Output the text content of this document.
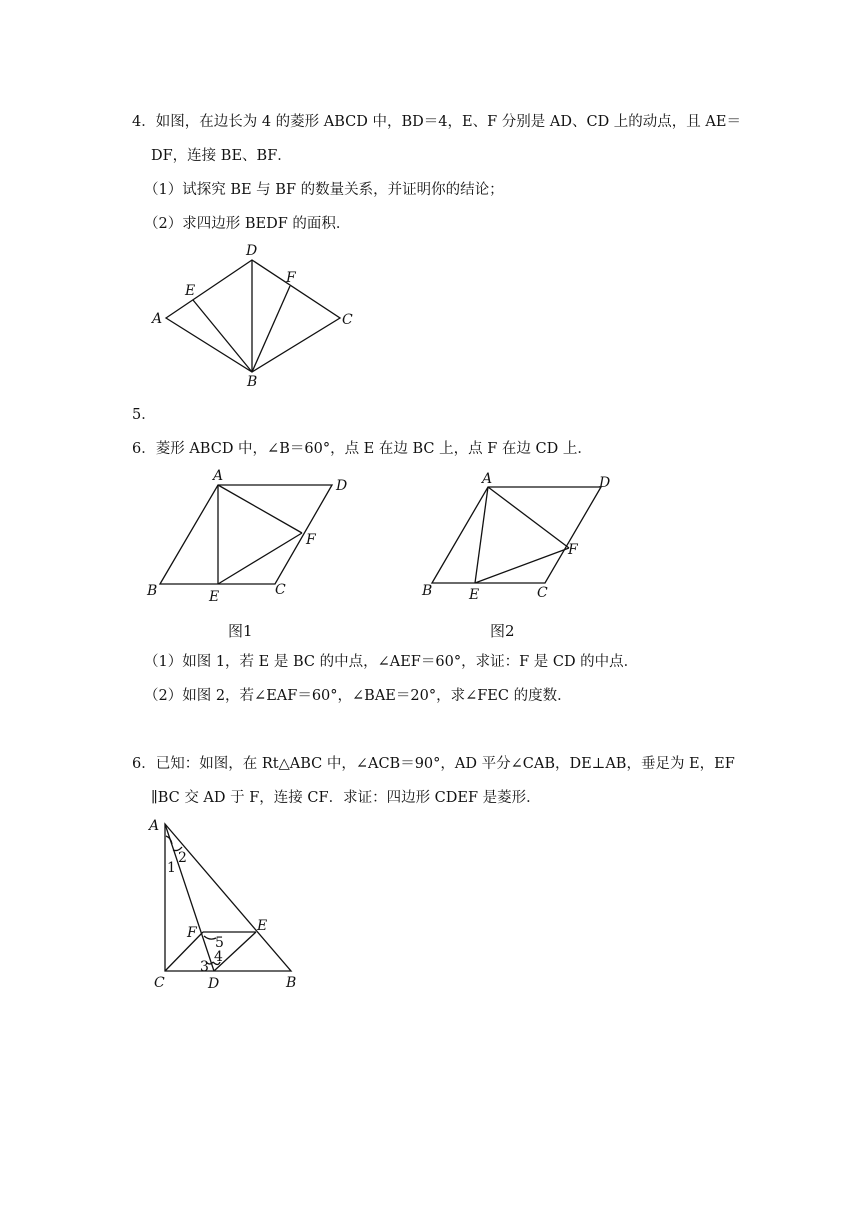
4．如图，在边长为 4 的菱形 ABCD 中，BD＝4，E、F 分别是 AD、CD 上的动点，且 AE＝
DF，连接 BE、BF．
（1）试探究 BE 与 BF 的数量关系，并证明你的结论；
（2）求四边形 BEDF 的面积．
A
D
C
B
E
F
5．
6．菱形 ABCD 中，∠B＝60°，点 E 在边 BC 上，点 F 在边 CD 上．
A
D
F
B	E	C
图1
A	D
F
B	E	C
图2
（1）如图 1，若 E 是 BC 的中点，∠AEF＝60°，求证：F 是 CD 的中点．
（2）如图 2，若∠EAF＝60°，∠BAE＝20°，求∠FEC 的度数．
6．已知：如图，在 Rt△ABC 中，∠ACB＝90°，AD 平分∠CAB，DE⊥AB，垂足为 E，EF
∥BC 交 AD 于 F，连接 CF．求证：四边形 CDEF 是菱形．
A
2
1
F	E
5
4
3
C	D	B
